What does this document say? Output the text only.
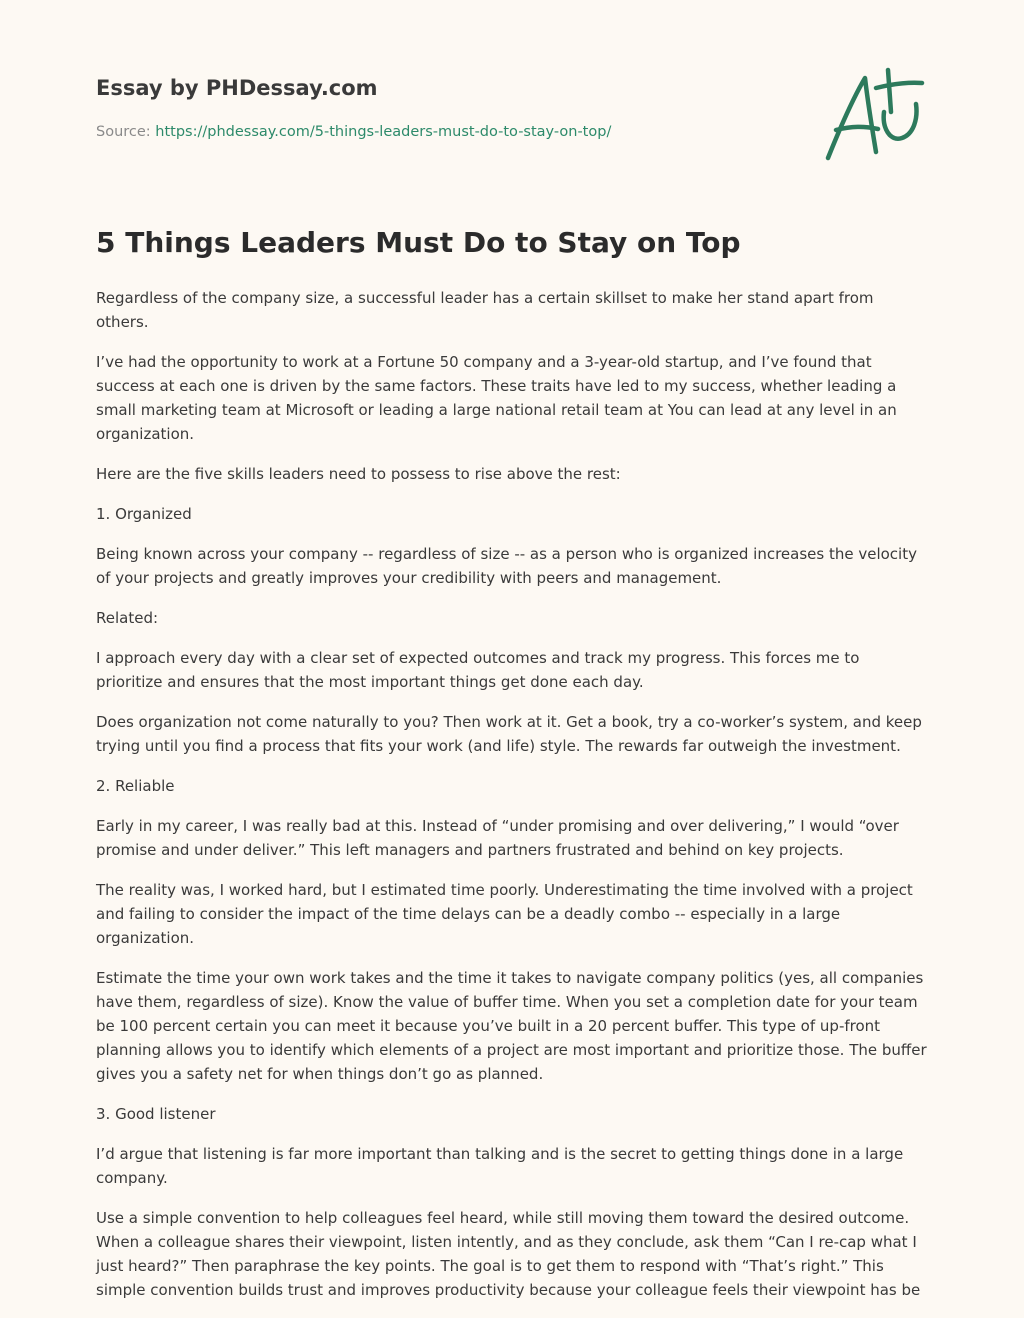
Essay by PHDessay.com
Source: https://phdessay.com/5-things-leaders-must-do-to-stay-on-top/
5 Things Leaders Must Do to Stay on Top

Regardless of the company size, a successful leader has a certain skillset to make her stand apart from others.

I’ve had the opportunity to work at a Fortune 50 company and a 3-year-old startup, and I’ve found that success at each one is driven by the same factors. These traits have led to my success, whether leading a small marketing team at Microsoft or leading a large national retail team at You can lead at any level in an organization.

Here are the five skills leaders need to possess to rise above the rest:

1. Organized

Being known across your company -- regardless of size -- as a person who is organized increases the velocity of your projects and greatly improves your credibility with peers and management.

Related:

I approach every day with a clear set of expected outcomes and track my progress. This forces me to prioritize and ensures that the most important things get done each day.

Does organization not come naturally to you? Then work at it. Get a book, try a co-worker’s system, and keep trying until you find a process that fits your work (and life) style. The rewards far outweigh the investment.

2. Reliable

Early in my career, I was really bad at this. Instead of “under promising and over delivering,” I would “over promise and under deliver.” This left managers and partners frustrated and behind on key projects.

The reality was, I worked hard, but I estimated time poorly. Underestimating the time involved with a project and failing to consider the impact of the time delays can be a deadly combo -- especially in a large organization.

Estimate the time your own work takes and the time it takes to navigate company politics (yes, all companies have them, regardless of size). Know the value of buffer time. When you set a completion date for your team be 100 percent certain you can meet it because you’ve built in a 20 percent buffer. This type of up-front planning allows you to identify which elements of a project are most important and prioritize those. The buffer gives you a safety net for when things don’t go as planned.

3. Good listener

I’d argue that listening is far more important than talking and is the secret to getting things done in a large company.

Use a simple convention to help colleagues feel heard, while still moving them toward the desired outcome. When a colleague shares their viewpoint, listen intently, and as they conclude, ask them “Can I re-cap what I just heard?” Then paraphrase the key points. The goal is to get them to respond with “That’s right.” This simple convention builds trust and improves productivity because your colleague feels their viewpoint has be
